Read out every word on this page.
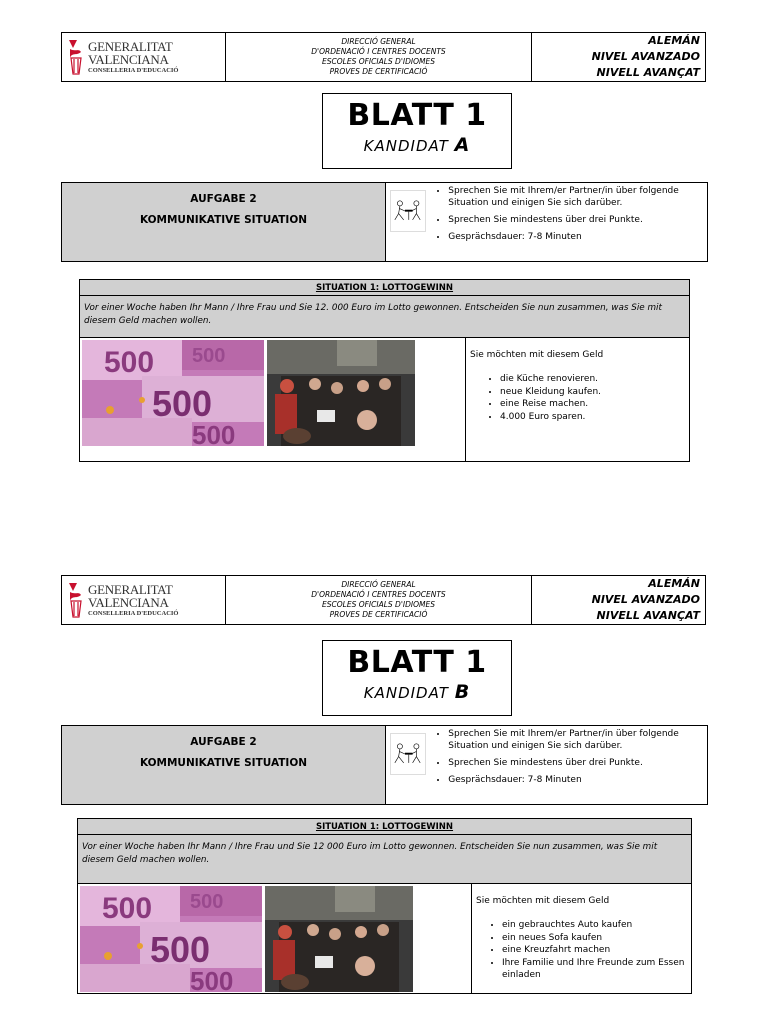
GENERALITAT
VALENCIANA
CONSELLERIA D'EDUCACIÓ
DIRECCIÓ GENERAL
D'ORDENACIÓ I CENTRES DOCENTS
ESCOLES OFICIALS D'IDIOMES
PROVES DE CERTIFICACIÓ
ALEMÁN
NIVEL AVANZADO
NIVELL AVANÇAT
BLATT 1
KANDIDAT A
AUFGABE 2
KOMMUNIKATIVE SITUATION
• Sprechen Sie mit Ihrem/er Partner/in über folgende Situation und einigen Sie sich darüber.
• Sprechen Sie mindestens über drei Punkte.
• Gesprächsdauer: 7-8 Minuten
SITUATION 1: LOTTOGEWINN
Vor einer Woche haben Ihr Mann / Ihre Frau und Sie 12. 000 Euro im Lotto gewonnen. Entscheiden Sie nun zusammen, was Sie mit diesem Geld machen wollen.
500
500
500
500
Sie möchten mit diesem Geld
• die Küche renovieren.
• neue Kleidung kaufen.
• eine Reise machen.
• 4.000 Euro sparen.
GENERALITAT
VALENCIANA
CONSELLERIA D'EDUCACIÓ
DIRECCIÓ GENERAL
D'ORDENACIÓ I CENTRES DOCENTS
ESCOLES OFICIALS D'IDIOMES
PROVES DE CERTIFICACIÓ
ALEMÁN
NIVEL AVANZADO
NIVELL AVANÇAT
BLATT 1
KANDIDAT B
AUFGABE 2
KOMMUNIKATIVE SITUATION
• Sprechen Sie mit Ihrem/er Partner/in über folgende Situation und einigen Sie sich darüber.
• Sprechen Sie mindestens über drei Punkte.
• Gesprächsdauer: 7-8 Minuten
SITUATION 1: LOTTOGEWINN
Vor einer Woche haben Ihr Mann / Ihre Frau und Sie 12 000 Euro im Lotto gewonnen. Entscheiden Sie nun zusammen, was Sie mit diesem Geld machen wollen.
500
500
500
500
Sie möchten mit diesem Geld
• ein gebrauchtes Auto kaufen
• ein neues Sofa kaufen
• eine Kreuzfahrt machen
• Ihre Familie und Ihre Freunde zum Essen einladen
